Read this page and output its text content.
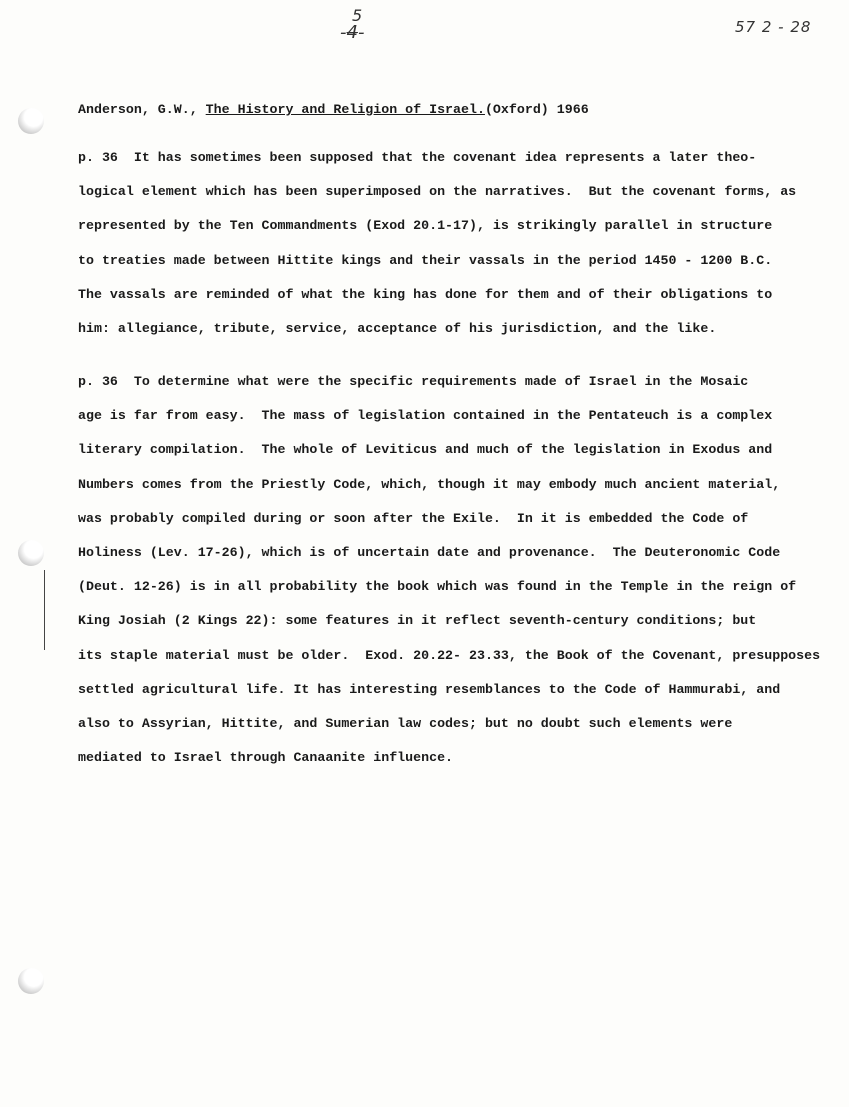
-4-
5
57 2 - 28
Anderson, G.W., The History and Religion of Israel.(Oxford) 1966
p. 36  It has sometimes been supposed that the covenant idea represents a later theo-
logical element which has been superimposed on the narratives.  But the covenant forms, as
represented by the Ten Commandments (Exod 20.1-17), is strikingly parallel in structure
to treaties made between Hittite kings and their vassals in the period 1450 - 1200 B.C.
The vassals are reminded of what the king has done for them and of their obligations to
him: allegiance, tribute, service, acceptance of his jurisdiction, and the like.
p. 36  To determine what were the specific requirements made of Israel in the Mosaic
age is far from easy.  The mass of legislation contained in the Pentateuch is a complex
literary compilation.  The whole of Leviticus and much of the legislation in Exodus and
Numbers comes from the Priestly Code, which, though it may embody much ancient material,
was probably compiled during or soon after the Exile.  In it is embedded the Code of
Holiness (Lev. 17-26), which is of uncertain date and provenance.  The Deuteronomic Code
(Deut. 12-26) is in all probability the book which was found in the Temple in the reign of
King Josiah (2 Kings 22): some features in it reflect seventh-century conditions; but
its staple material must be older.  Exod. 20.22- 23.33, the Book of the Covenant, presupposes
settled agricultural life. It has interesting resemblances to the Code of Hammurabi, and
also to Assyrian, Hittite, and Sumerian law codes; but no doubt such elements were
mediated to Israel through Canaanite influence.
